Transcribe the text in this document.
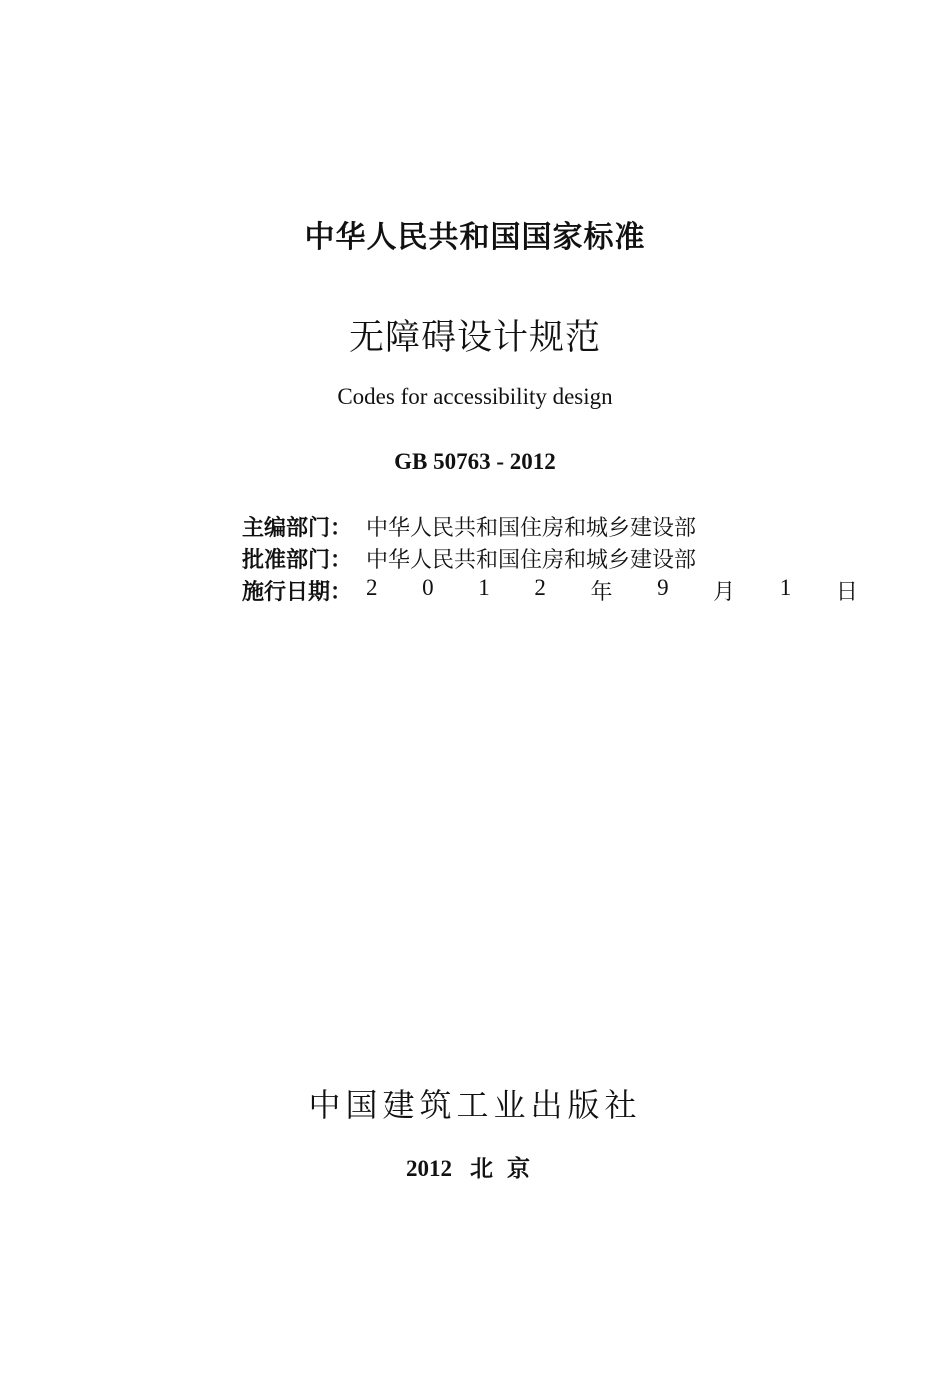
中华人民共和国国家标准
无障碍设计规范
Codes for accessibility design
GB 50763 - 2012
主编部门： 中华人民共和国住房和城乡建设部
批准部门： 中华人民共和国住房和城乡建设部
施行日期： 2 0 1 2 年 9 月 1 日
中国建筑工业出版社
2012 北京
